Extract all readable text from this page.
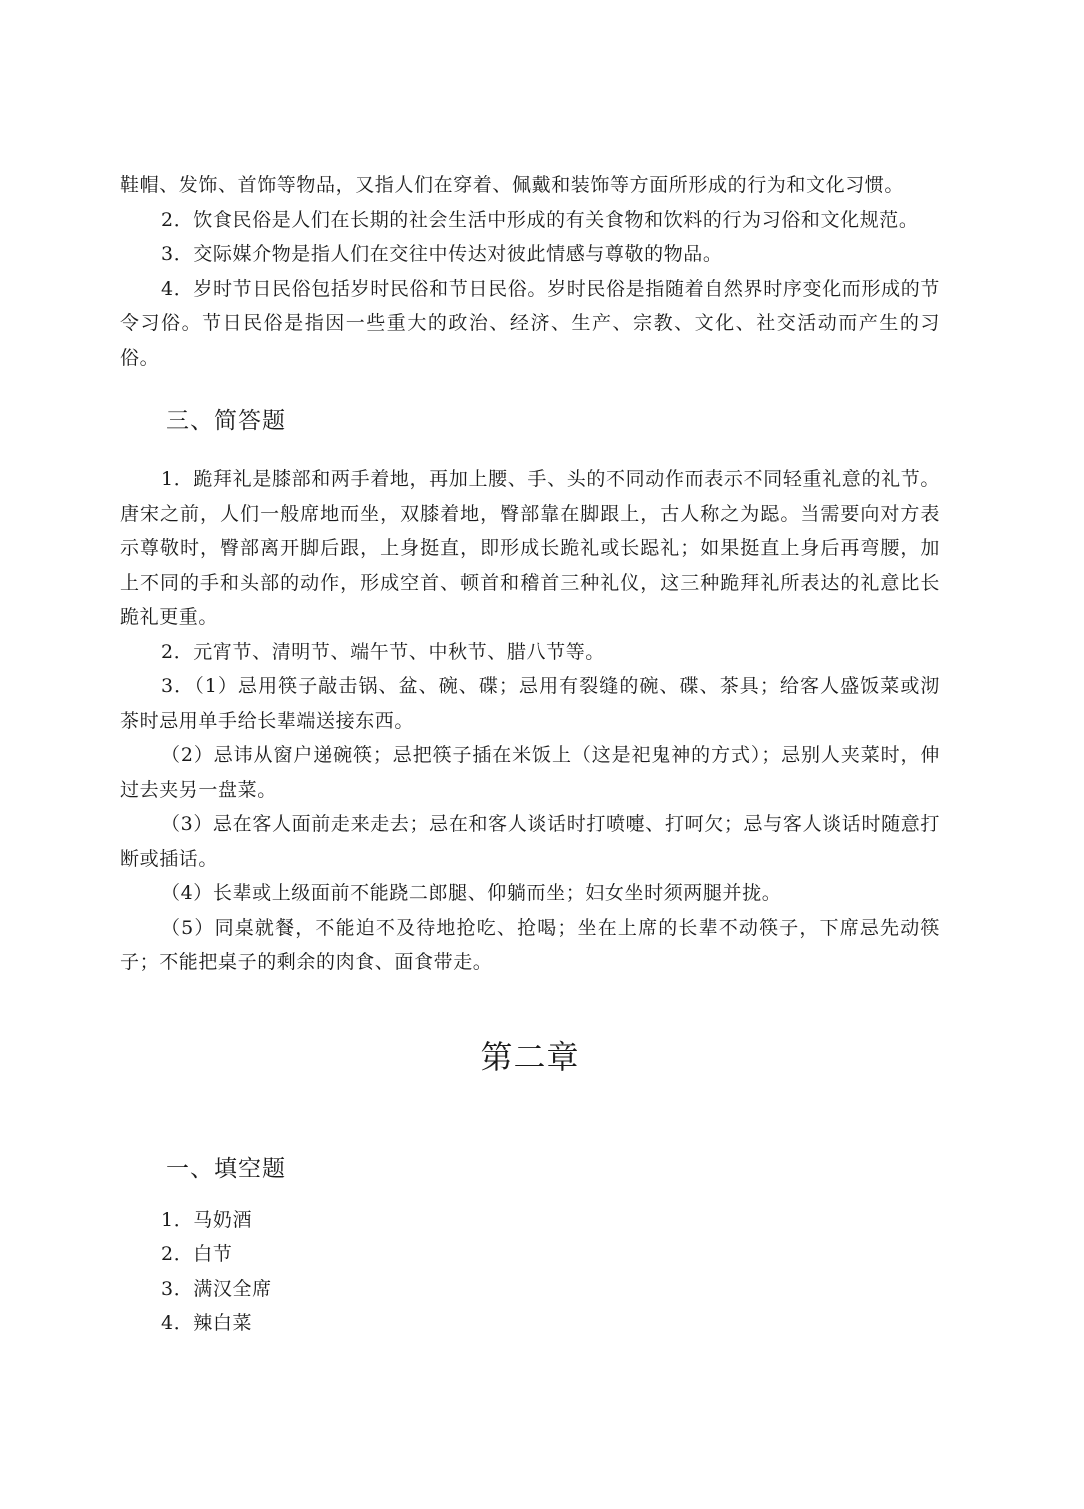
鞋帽、发饰、首饰等物品，又指人们在穿着、佩戴和装饰等方面所形成的行为和文化习惯。

2．饮食民俗是人们在长期的社会生活中形成的有关食物和饮料的行为习俗和文化规范。

3．交际媒介物是指人们在交往中传达对彼此情感与尊敬的物品。

4．岁时节日民俗包括岁时民俗和节日民俗。岁时民俗是指随着自然界时序变化而形成的节令习俗。节日民俗是指因一些重大的政治、经济、生产、宗教、文化、社交活动而产生的习俗。

三、简答题

1．跪拜礼是膝部和两手着地，再加上腰、手、头的不同动作而表示不同轻重礼意的礼节。唐宋之前，人们一般席地而坐，双膝着地，臀部靠在脚跟上，古人称之为跽。当需要向对方表示尊敬时，臀部离开脚后跟，上身挺直，即形成长跪礼或长跽礼；如果挺直上身后再弯腰，加上不同的手和头部的动作，形成空首、顿首和稽首三种礼仪，这三种跪拜礼所表达的礼意比长跪礼更重。

2．元宵节、清明节、端午节、中秋节、腊八节等。

3．（1）忌用筷子敲击锅、盆、碗、碟；忌用有裂缝的碗、碟、茶具；给客人盛饭菜或沏茶时忌用单手给长辈端送接东西。

（2）忌讳从窗户递碗筷；忌把筷子插在米饭上（这是祀鬼神的方式）；忌别人夹菜时，伸过去夹另一盘菜。

（3）忌在客人面前走来走去；忌在和客人谈话时打喷嚏、打呵欠；忌与客人谈话时随意打断或插话。

（4）长辈或上级面前不能跷二郎腿、仰躺而坐；妇女坐时须两腿并拢。

（5）同桌就餐，不能迫不及待地抢吃、抢喝；坐在上席的长辈不动筷子，下席忌先动筷子；不能把桌子的剩余的肉食、面食带走。

第二章
一、填空题

1．马奶酒

2．白节

3．满汉全席

4．辣白菜
